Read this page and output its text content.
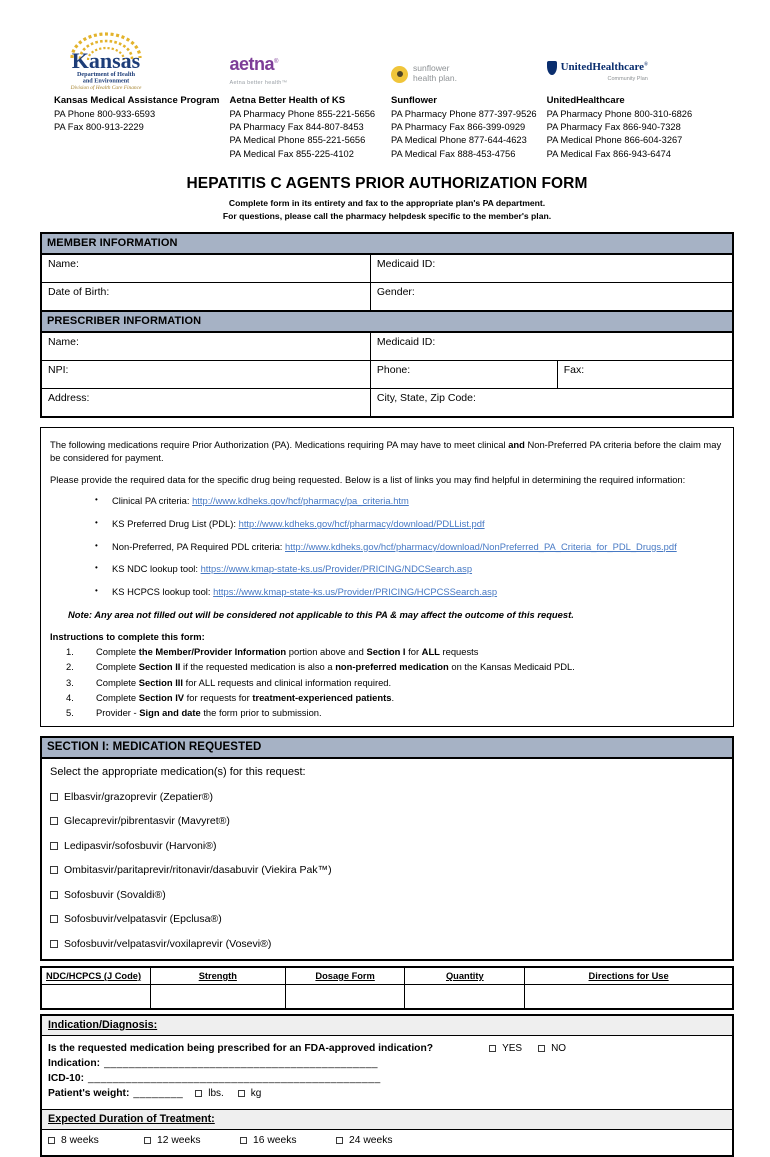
Kansas
Department of Health
and Environment
Division of Health Care Finance
Kansas Medical Assistance Program
PA Phone 800-933-6593
PA Fax 800-913-2229
aetna®
Aetna better health™
Aetna Better Health of KS
PA Pharmacy Phone 855-221-5656
PA Pharmacy Fax 844-807-8453
PA Medical Phone 855-221-5656
PA Medical Fax 855-225-4102
sunflower
health plan.
Sunflower
PA Pharmacy Phone 877-397-9526
PA Pharmacy Fax 866-399-0929
PA Medical Phone 877-644-4623
PA Medical Fax 888-453-4756
UnitedHealthcare®
Community Plan
UnitedHealthcare
PA Pharmacy Phone 800-310-6826
PA Pharmacy Fax 866-940-7328
PA Medical Phone 866-604-3267
PA Medical Fax 866-943-6474
HEPATITIS C AGENTS PRIOR AUTHORIZATION FORM
Complete form in its entirety and fax to the appropriate plan's PA department.
For questions, please call the pharmacy helpdesk specific to the member's plan.
MEMBER INFORMATION		
Name:	Medicaid ID:	
Date of Birth:	Gender:	
PRESCRIBER INFORMATION		
Name:	Medicaid ID:	
NPI:	Phone:	Fax:
Address:	City, State, Zip Code:	

The following medications require Prior Authorization (PA). Medications requiring PA may have to meet clinical and Non-Preferred PA criteria before the claim may be considered for payment.

Please provide the required data for the specific drug being requested. Below is a list of links you may find helpful in determining the required information:

•	Clinical PA criteria: http://www.kdheks.gov/hcf/pharmacy/pa_criteria.htm
•	KS Preferred Drug List (PDL): http://www.kdheks.gov/hcf/pharmacy/download/PDLList.pdf
•	Non-Preferred, PA Required PDL criteria: http://www.kdheks.gov/hcf/pharmacy/download/NonPreferred_PA_Criteria_for_PDL_Drugs.pdf
•	KS NDC lookup tool: https://www.kmap-state-ks.us/Provider/PRICING/NDCSearch.asp
•	KS HCPCS lookup tool: https://www.kmap-state-ks.us/Provider/PRICING/HCPCSSearch.asp
Note: Any area not filled out will be considered not applicable to this PA & may affect the outcome of this request.
Instructions to complete this form:
1.	Complete the Member/Provider Information portion above and Section I for ALL requests
2.	Complete Section II if the requested medication is also a non-preferred medication on the Kansas Medicaid PDL.
3.	Complete Section III for ALL requests and clinical information required.
4.	Complete Section IV for requests for treatment-experienced patients.
5.	Provider - Sign and date the form prior to submission.
SECTION I: MEDICATION REQUESTED
Select the appropriate medication(s) for this request:
Elbasvir/grazoprevir (Zepatier®)
Glecaprevir/pibrentasvir (Mavyret®)
Ledipasvir/sofosbuvir (Harvoni®)
Ombitasvir/paritaprevir/ritonavir/dasabuvir (Viekira Pak™)
Sofosbuvir (Sovaldi®)
Sofosbuvir/velpatasvir (Epclusa®)
Sofosbuvir/velpatasvir/voxilaprevir (Vosevi®)
NDC/HCPCS (J Code)	Strength	Dosage Form	Quantity	Directions for Use

Indication/Diagnosis:
Is the requested medication being prescribed for an FDA-approved indication?	YES	NO
Indication: ____________________________________________
ICD-10: _______________________________________________
Patient's weight: ________	lbs.	kg
Expected Duration of Treatment:
8 weeks	12 weeks	16 weeks	24 weeks
